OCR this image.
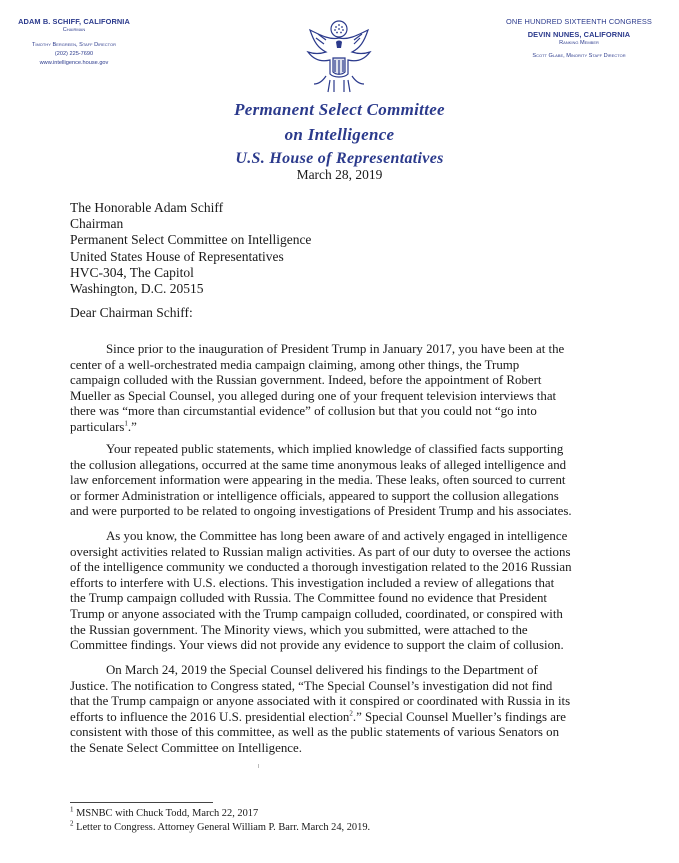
ADAM B. SCHIFF, CALIFORNIA
Chairman
Timothy Bergreen, Staff Director
(202) 225-7690
www.intelligence.house.gov
ONE HUNDRED SIXTEENTH CONGRESS
DEVIN NUNES, CALIFORNIA
Ranking Member
Scott Glabe, Minority Staff Director
Permanent Select Committee
on Intelligence
U.S. House of Representatives
March 28, 2019
The Honorable Adam Schiff
Chairman
Permanent Select Committee on Intelligence
United States House of Representatives
HVC-304, The Capitol
Washington, D.C. 20515
Dear Chairman Schiff:
Since prior to the inauguration of President Trump in January 2017, you have been at the
center of a well-orchestrated media campaign claiming, among other things, the Trump
campaign colluded with the Russian government. Indeed, before the appointment of Robert
Mueller as Special Counsel, you alleged during one of your frequent television interviews that
there was “more than circumstantial evidence” of collusion but that you could not “go into
particulars$^1$.”
Your repeated public statements, which implied knowledge of classified facts supporting
the collusion allegations, occurred at the same time anonymous leaks of alleged intelligence and
law enforcement information were appearing in the media. These leaks, often sourced to current
or former Administration or intelligence officials, appeared to support the collusion allegations
and were purported to be related to ongoing investigations of President Trump and his associates.
As you know, the Committee has long been aware of and actively engaged in intelligence
oversight activities related to Russian malign activities. As part of our duty to oversee the actions
of the intelligence community we conducted a thorough investigation related to the 2016 Russian
efforts to interfere with U.S. elections. This investigation included a review of allegations that
the Trump campaign colluded with Russia. The Committee found no evidence that President
Trump or anyone associated with the Trump campaign colluded, coordinated, or conspired with
the Russian government. The Minority views, which you submitted, were attached to the
Committee findings. Your views did not provide any evidence to support the claim of collusion.
On March 24, 2019 the Special Counsel delivered his findings to the Department of
Justice. The notification to Congress stated, “The Special Counsel’s investigation did not find
that the Trump campaign or anyone associated with it conspired or coordinated with Russia in its
efforts to influence the 2016 U.S. presidential election$^2$.” Special Counsel Mueller’s findings are
consistent with those of this committee, as well as the public statements of various Senators on
the Senate Select Committee on Intelligence.
$^1$ MSNBC with Chuck Todd, March 22, 2017
$^2$ Letter to Congress. Attorney General William P. Barr. March 24, 2019.
